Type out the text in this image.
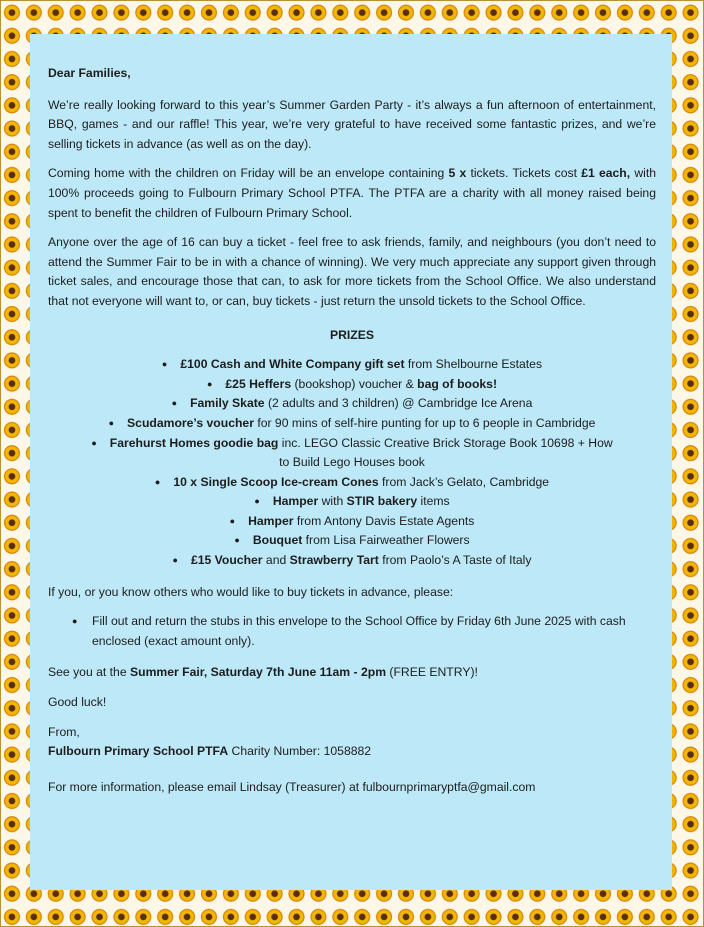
Dear Families,

We’re really looking forward to this year’s Summer Garden Party - it’s always a fun afternoon of entertainment, BBQ, games - and our raffle! This year, we’re very grateful to have received some fantastic prizes, and we’re selling tickets in advance (as well as on the day).

Coming home with the children on Friday will be an envelope containing 5 x tickets. Tickets cost £1 each, with 100% proceeds going to Fulbourn Primary School PTFA. The PTFA are a charity with all money raised being spent to benefit the children of Fulbourn Primary School.

Anyone over the age of 16 can buy a ticket - feel free to ask friends, family, and neighbours (you don’t need to attend the Summer Fair to be in with a chance of winning). We very much appreciate any support given through ticket sales, and encourage those that can, to ask for more tickets from the School Office. We also understand that not everyone will want to, or can, buy tickets - just return the unsold tickets to the School Office.

PRIZES
● £100 Cash and White Company gift set from Shelbourne Estates
● £25 Heffers (bookshop) voucher & bag of books!
● Family Skate (2 adults and 3 children) @ Cambridge Ice Arena
● Scudamore’s voucher for 90 mins of self-hire punting for up to 6 people in Cambridge
● Farehurst Homes goodie bag inc. LEGO Classic Creative Brick Storage Book 10698 + How to Build Lego Houses book
● 10 x Single Scoop Ice-cream Cones from Jack’s Gelato, Cambridge
● Hamper with STIR bakery items
● Hamper from Antony Davis Estate Agents
● Bouquet from Lisa Fairweather Flowers
● £15 Voucher and Strawberry Tart from Paolo’s A Taste of Italy

If you, or you know others who would like to buy tickets in advance, please:

● Fill out and return the stubs in this envelope to the School Office by Friday 6th June 2025 with cash enclosed (exact amount only).

See you at the Summer Fair, Saturday 7th June 11am - 2pm (FREE ENTRY)!

Good luck!

From,
Fulbourn Primary School PTFA Charity Number: 1058882

For more information, please email Lindsay (Treasurer) at fulbournprimaryptfa@gmail.com
